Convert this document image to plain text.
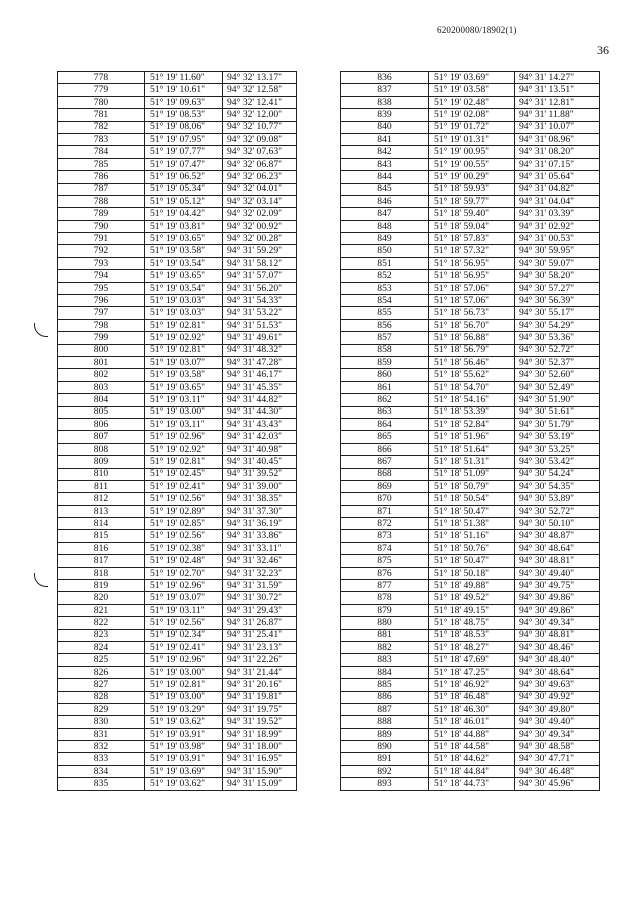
620200080/18902(1)
36
778	51° 19' 11.60"	94° 32' 13.17"
779	51° 19' 10.61"	94° 32' 12.58"
780	51° 19' 09.63"	94° 32' 12.41"
781	51° 19' 08.53"	94° 32' 12.00"
782	51° 19' 08.06"	94° 32' 10.77"
783	51° 19' 07.95"	94° 32' 09.08"
784	51° 19' 07.77"	94° 32' 07.63"
785	51° 19' 07.47"	94° 32' 06.87"
786	51° 19' 06.52"	94° 32' 06.23"
787	51° 19' 05.34"	94° 32' 04.01"
788	51° 19' 05.12"	94° 32' 03.14"
789	51° 19' 04.42"	94° 32' 02.09"
790	51° 19' 03.81"	94° 32' 00.92"
791	51° 19' 03.65"	94° 32' 00.28"
792	51° 19' 03.58"	94° 31' 59.29"
793	51° 19' 03.54"	94° 31' 58.12"
794	51° 19' 03.65"	94° 31' 57.07"
795	51° 19' 03.54"	94° 31' 56.20"
796	51° 19' 03.03"	94° 31' 54.33"
797	51° 19' 03.03"	94° 31' 53.22"
798	51° 19' 02.81"	94° 31' 51.53"
799	51° 19' 02.92"	94° 31' 49.61"
800	51° 19' 02.81"	94° 31' 48.32"
801	51° 19' 03.07"	94° 31' 47.28"
802	51° 19' 03.58"	94° 31' 46.17"
803	51° 19' 03.65"	94° 31' 45.35"
804	51° 19' 03.11"	94° 31' 44.82"
805	51° 19' 03.00"	94° 31' 44.30"
806	51° 19' 03.11"	94° 31' 43.43"
807	51° 19' 02.96"	94° 31' 42.03"
808	51° 19' 02.92"	94° 31' 40.98"
809	51° 19' 02.81"	94° 31' 40.45"
810	51° 19' 02.45"	94° 31' 39.52"
811	51° 19' 02.41"	94° 31' 39.00"
812	51° 19' 02.56"	94° 31' 38.35"
813	51° 19' 02.89"	94° 31' 37.30"
814	51° 19' 02.85"	94° 31' 36.19"
815	51° 19' 02.56"	94° 31' 33.86"
816	51° 19' 02.38"	94° 31' 33.11"
817	51° 19' 02.48"	94° 31' 32.46"
818	51° 19' 02.70"	94° 31' 32.23"
819	51° 19' 02.96"	94° 31' 31.59"
820	51° 19' 03.07"	94° 31' 30.72"
821	51° 19' 03.11"	94° 31' 29.43"
822	51° 19' 02.56"	94° 31' 26.87"
823	51° 19' 02.34"	94° 31' 25.41"
824	51° 19' 02.41"	94° 31' 23.13"
825	51° 19' 02.96"	94° 31' 22.26"
826	51° 19' 03.00"	94° 31' 21.44"
827	51° 19' 02.81"	94° 31' 20.16"
828	51° 19' 03.00"	94° 31' 19.81"
829	51° 19' 03.29"	94° 31' 19.75"
830	51° 19' 03.62"	94° 31' 19.52"
831	51° 19' 03.91"	94° 31' 18.99"
832	51° 19' 03.98"	94° 31' 18.00"
833	51° 19' 03.91"	94° 31' 16.95"
834	51° 19' 03.69"	94° 31' 15.90"
835	51° 19' 03.62"	94° 31' 15.09"
836	51° 19' 03.69"	94° 31' 14.27"
837	51° 19' 03.58"	94° 31' 13.51"
838	51° 19' 02.48"	94° 31' 12.81"
839	51° 19' 02.08"	94° 31' 11.88"
840	51° 19' 01.72"	94° 31' 10.07"
841	51° 19' 01.31"	94° 31' 08.96"
842	51° 19' 00.95"	94° 31' 08.20"
843	51° 19' 00.55"	94° 31' 07.15"
844	51° 19' 00.29"	94° 31' 05.64"
845	51° 18' 59.93"	94° 31' 04.82"
846	51° 18' 59.77"	94° 31' 04.04"
847	51° 18' 59.40"	94° 31' 03.39"
848	51° 18' 59.04"	94° 31' 02.92"
849	51° 18' 57.83"	94° 31' 00.53"
850	51° 18' 57.32"	94° 30' 59.95"
851	51° 18' 56.95"	94° 30' 59.07"
852	51° 18' 56.95"	94° 30' 58.20"
853	51° 18' 57.06"	94° 30' 57.27"
854	51° 18' 57.06"	94° 30' 56.39"
855	51° 18' 56.73"	94° 30' 55.17"
856	51° 18' 56.70"	94° 30' 54.29"
857	51° 18' 56.88"	94° 30' 53.36"
858	51° 18' 56.79"	94° 30' 52.72"
859	51° 18' 56.46"	94° 30' 52.37"
860	51° 18' 55.62"	94° 30' 52.60"
861	51° 18' 54.70"	94° 30' 52.49"
862	51° 18' 54.16"	94° 30' 51.90"
863	51° 18' 53.39"	94° 30' 51.61"
864	51° 18' 52.84"	94° 30' 51.79"
865	51° 18' 51.96"	94° 30' 53.19"
866	51° 18' 51.64"	94° 30' 53.25"
867	51° 18' 51.31"	94° 30' 53.42"
868	51° 18' 51.09"	94° 30' 54.24"
869	51° 18' 50.79"	94° 30' 54.35"
870	51° 18' 50.54"	94° 30' 53.89"
871	51° 18' 50.47"	94° 30' 52.72"
872	51° 18' 51.38"	94° 30' 50.10"
873	51° 18' 51.16"	94° 30' 48.87"
874	51° 18' 50.76"	94° 30' 48.64"
875	51° 18' 50.47"	94° 30' 48.81"
876	51° 18' 50.18"	94° 30' 49.40"
877	51° 18' 49.88"	94° 30' 49.75"
878	51° 18' 49.52"	94° 30' 49.86"
879	51° 18' 49.15"	94° 30' 49.86"
880	51° 18' 48.75"	94° 30' 49.34"
881	51° 18' 48.53"	94° 30' 48.81"
882	51° 18' 48.27"	94° 30' 48.46"
883	51° 18' 47.69"	94° 30' 48.40"
884	51° 18' 47.25"	94° 30' 48.64"
885	51° 18' 46.92"	94° 30' 49.63"
886	51° 18' 46.48"	94° 30' 49.92"
887	51° 18' 46.30"	94° 30' 49.80"
888	51° 18' 46.01"	94° 30' 49.40"
889	51° 18' 44.88"	94° 30' 49.34"
890	51° 18' 44.58"	94° 30' 48.58"
891	51° 18' 44.62"	94° 30' 47.71"
892	51° 18' 44.84"	94° 30' 46.48"
893	51° 18' 44.73"	94° 30' 45.96"
